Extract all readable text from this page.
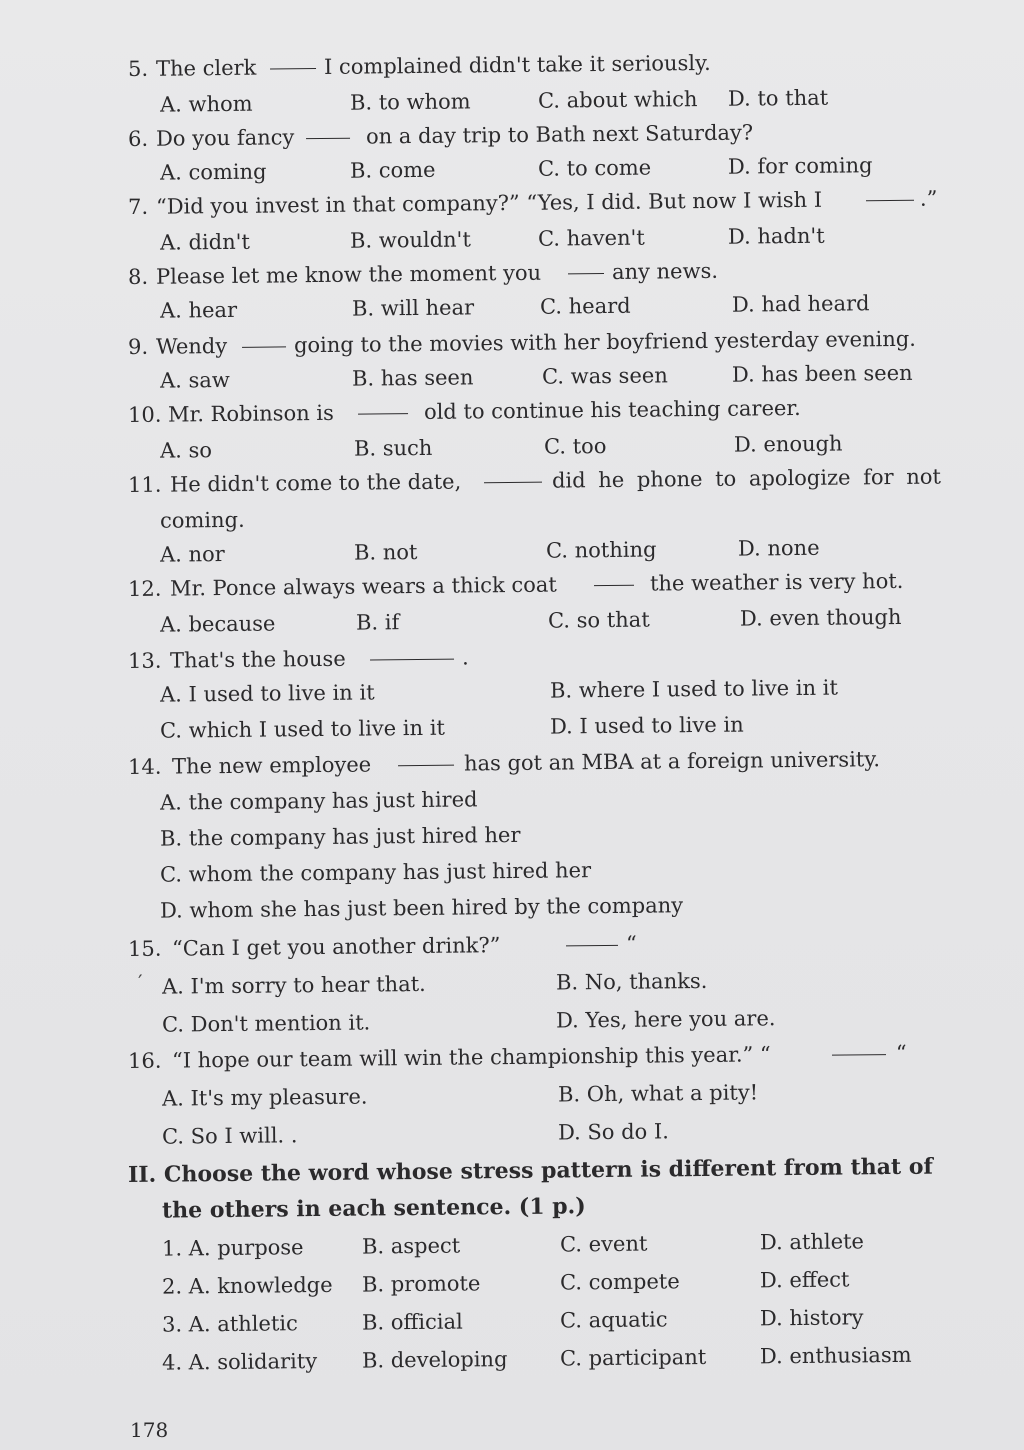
5. The clerk	I complained didn't take it seriously.
A. whom	B. to whom	C. about which D. to that
6. Do you fancy	on a day trip to Bath next Saturday?
A. coming	B. come	C. to come	D. for coming
7. “Did you invest in that company?” “Yes, I did. But now I wish I	.”
A. didn't	B. wouldn't	C. haven't	D. hadn't
8. Please let me know the moment you	any news.
A. hear	B. will hear	C. heard	D. had heard
9. Wendy	going to the movies with her boyfriend yesterday evening.
A. saw	B. has seen	C. was seen	D. has been seen
10. Mr. Robinson is	old to continue his teaching career.
A. so	B. such	C. too	D. enough
11. He didn't come to the date,	did he phone to apologize for not
coming.
A. nor	B. not	C. nothing	D. none
12. Mr. Ponce always wears a thick coat	the weather is very hot.
A. because	B. if	C. so that	D. even though
13. That's the house	.
A. I used to live in it	B. where I used to live in it
C. which I used to live in it	D. I used to live in
14. The new employee	has got an MBA at a foreign university.
A. the company has just hired
B. the company has just hired her
C. whom the company has just hired her
D. whom she has just been hired by the company
15. “Can I get you another drink?”	“
′ A. I'm sorry to hear that.	B. No, thanks.
C. Don't mention it.	D. Yes, here you are.
16. “I hope our team will win the championship this year.” “	“
A. It's my pleasure.	B. Oh, what a pity!
C. So I will. .	D. So do I.
II. Choose the word whose stress pattern is different from that of
the others in each sentence. (1 p.)
1. A. purpose	B. aspect	C. event	D. athlete
2. A. knowledge B. promote	C. compete	D. effect
3. A. athletic	B. official	C. aquatic	D. history
4. A. solidarity B. developing C. participant	D. enthusiasm
178
